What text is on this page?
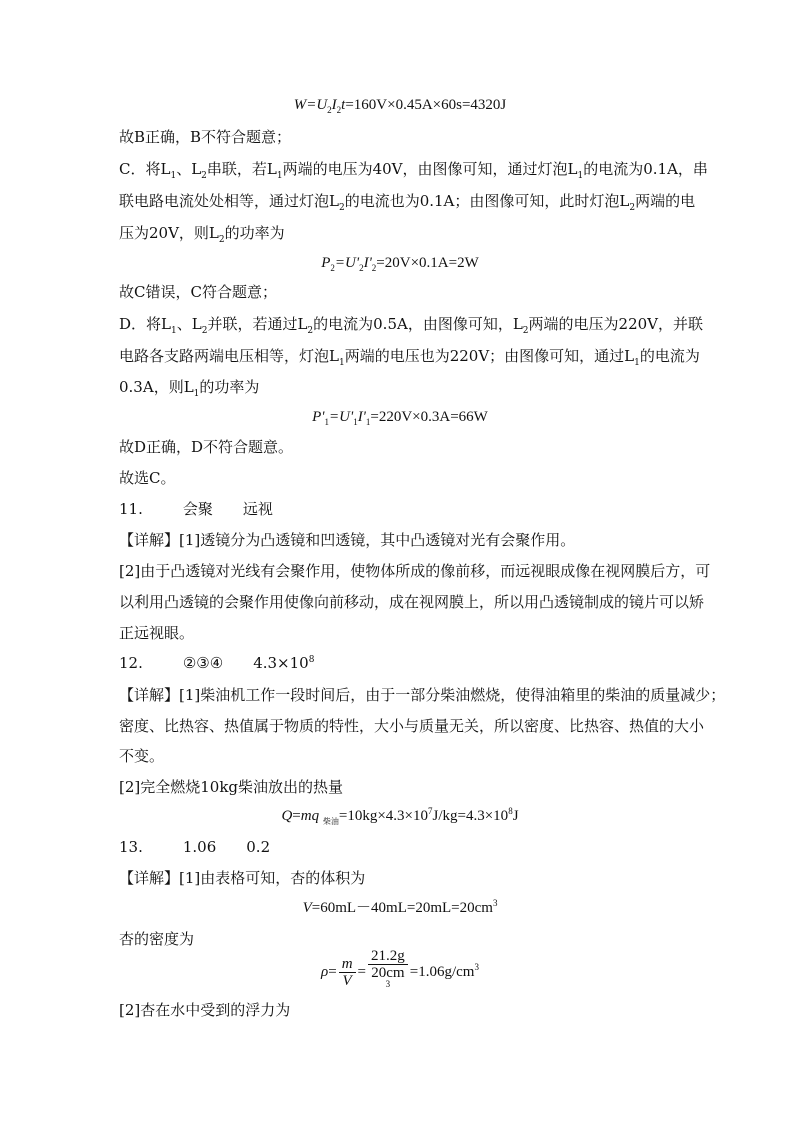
$W=U_2I_2t=160V\times 0.45A\times 60s=4320J$
故B正确，B不符合题意；
C．将$L_1$、$L_2$串联，若$L_1$两端的电压为40V，由图像可知，通过灯泡$L_1$的电流为0.1A，串
联电路电流处处相等，通过灯泡$L_2$的电流也为0.1A；由图像可知，此时灯泡$L_2$两端的电
压为20V，则$L_2$的功率为
$P_2=U'_2I'_2=20V\times 0.1A=2W$
故C错误，C符合题意；
D．将$L_1$、$L_2$并联，若通过$L_2$的电流为0.5A，由图像可知，$L_2$两端的电压为220V，并联
电路各支路两端电压相等，灯泡$L_1$两端的电压也为220V；由图像可知，通过$L_1$的电流为
0.3A，则$L_1$的功率为
$P'_1=U'_1I'_1=220V\times 0.3A=66W$
故D正确，D不符合题意。
故选C。
11.	会聚 远视
【详解】[1]透镜分为凸透镜和凹透镜，其中凸透镜对光有会聚作用。
[2]由于凸透镜对光线有会聚作用，使物体所成的像前移，而远视眼成像在视网膜后方，可
以利用凸透镜的会聚作用使像向前移动，成在视网膜上，所以用凸透镜制成的镜片可以矫
正远视眼。
12.	②③④ $4.3\times 10^8$
【详解】[1]柴油机工作一段时间后，由于一部分柴油燃烧，使得油箱里的柴油的质量减少；
密度、比热容、热值属于物质的特性，大小与质量无关，所以密度、比热容、热值的大小
不变。
[2]完全燃烧10kg柴油放出的热量
Q=mq $_{柴油}=10kg\times 4.3\times 10^7J/kg=4.3\times 10^8J$
13.	1.06 0.2
【详解】[1]由表格可知，杏的体积为
$V=60mL-40mL=20mL=20cm^3$
杏的密度为
$\rho= \frac{m}{V} = 21.2g$
20cm
$^3 =1.06g/cm^3$
[2]杏在水中受到的浮力为
